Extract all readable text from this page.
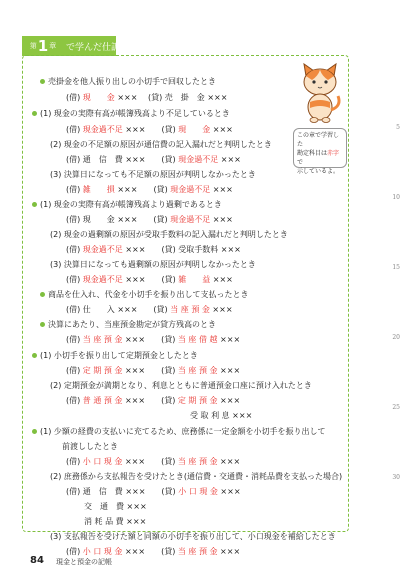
第 1 章 で学んだ仕訳
この章で学習した
勘定科目は赤字で
示しているよ。
売掛金を他人振り出しの小切手で回収したとき
(借) 現　　金 ×××　 (貸) 売　掛　金 ×××
(1) 現金の実際有高が帳簿残高より不足しているとき
(借) 現金過不足 ×××　　(貸) 現　　金 ×××
(2) 現金の不足額の原因が通信費の記入漏れだと判明したとき
(借) 通　信　費 ×××　　(貸) 現金過不足 ×××
(3) 決算日になっても不足額の原因が判明しなかったとき
(借) 雑　　損 ×××　　(貸) 現金過不足 ×××
(1) 現金の実際有高が帳簿残高より過剰であるとき
(借) 現　　金 ×××　　(貸) 現金過不足 ×××
(2) 現金の過剰額の原因が受取手数料の記入漏れだと判明したとき
(借) 現金過不足 ×××　　(貸) 受取手数料 ×××
(3) 決算日になっても過剰額の原因が判明しなかったとき
(借) 現金過不足 ×××　　(貸) 雑　　益 ×××
商品を仕入れ、代金を小切手を振り出して支払ったとき
(借) 仕　　入 ×××　　(貸) 当 座 預 金 ×××
決算にあたり、当座預金勘定が貸方残高のとき
(借) 当 座 預 金 ×××　　(貸) 当 座 借 越 ×××
(1) 小切手を振り出して定期預金としたとき
(借) 定 期 預 金 ×××　　(貸) 当 座 預 金 ×××
(2) 定期預金が満期となり、利息とともに普通預金口座に預け入れたとき
(借) 普 通 預 金 ×××　　(貸) 定 期 預 金 ×××
受 取 利 息 ×××
(1) 少額の経費の支払いに充てるため、庶務係に一定金額を小切手を振り出して
前渡ししたとき
(借) 小 口 現 金 ×××　　(貸) 当 座 預 金 ×××
(2) 庶務係から支払報告を受けたとき(通信費・交通費・消耗品費を支払った場合)
(借) 通　信　費 ×××　　(貸) 小 口 現 金 ×××
交　通　費 ×××
消 耗 品 費 ×××
(3) 支払報告を受けた額と同額の小切手を振り出して、小口現金を補給したとき
(借) 小 口 現 金 ×××　　(貸) 当 座 預 金 ×××
5
10
15
20
25
30
84 現金と預金の記帳
